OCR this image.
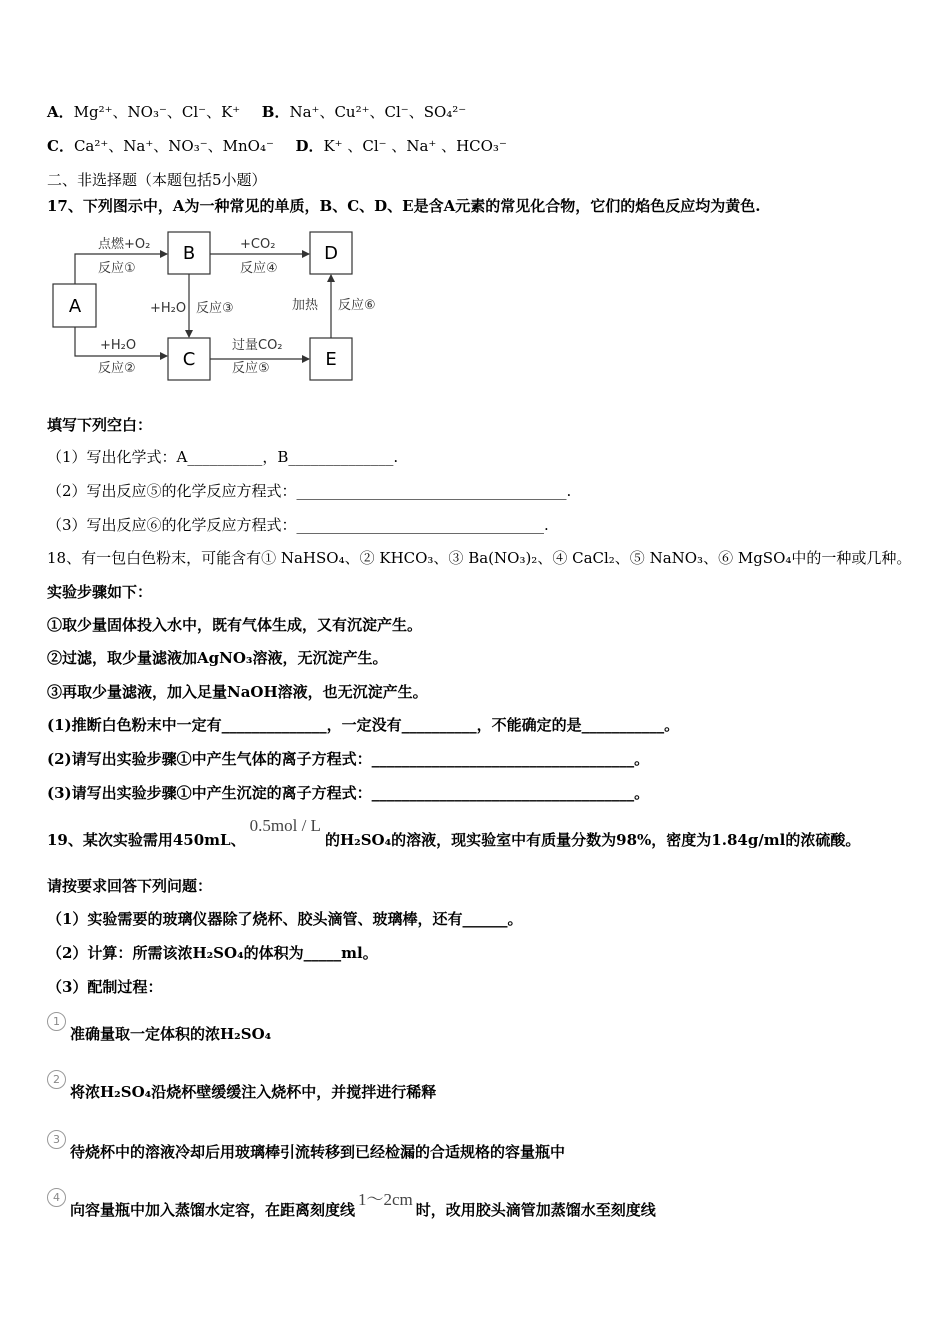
A．Mg²⁺、NO₃⁻、Cl⁻、K⁺ B．Na⁺、Cu²⁺、Cl⁻、SO₄²⁻
C．Ca²⁺、Na⁺、NO₃⁻、MnO₄⁻ D．K⁺ 、Cl⁻ 、Na⁺ 、HCO₃⁻
二、非选择题（本题包括5小题）
17、下列图示中，A为一种常见的单质，B、C、D、E是含A元素的常见化合物，它们的焰色反应均为黄色.
A
B
C
D
E
点燃+O₂
反应①
+CO₂
反应④
+H₂O 反应③	加热 反应⑥
+H₂O
反应②
过量CO₂
反应⑤
填写下列空白：
（1）写出化学式：A__________，B______________.
（2）写出反应⑤的化学反应方程式：____________________________________.
（3）写出反应⑥的化学反应方程式：_________________________________.
18、有一包白色粉末，可能含有① NaHSO₄、② KHCO₃、③ Ba(NO₃)₂、④ CaCl₂、⑤ NaNO₃、⑥ MgSO₄中的一种或几种。
实验步骤如下：
①取少量固体投入水中，既有气体生成，又有沉淀产生。
②过滤，取少量滤液加AgNO₃溶液，无沉淀产生。
③再取少量滤液，加入足量NaOH溶液，也无沉淀产生。
(1)推断白色粉末中一定有______________，一定没有__________，不能确定的是___________。
(2)请写出实验步骤①中产生气体的离子方程式：___________________________________。
(3)请写出实验步骤①中产生沉淀的离子方程式：___________________________________。
19、某次实验需用450mL、0.5mol / L的H₂SO₄的溶液，现实验室中有质量分数为98%，密度为1.84g/ml的浓硫酸。
请按要求回答下列问题：
（1）实验需要的玻璃仪器除了烧杯、胶头滴管、玻璃棒，还有______。
（2）计算：所需该浓H₂SO₄的体积为_____ml。
（3）配制过程：
1
准确量取一定体积的浓H₂SO₄
2
将浓H₂SO₄沿烧杯壁缓缓注入烧杯中，并搅拌进行稀释
3
待烧杯中的溶液冷却后用玻璃棒引流转移到已经检漏的合适规格的容量瓶中
4
向容量瓶中加入蒸馏水定容，在距离刻度线1～2cm时，改用胶头滴管加蒸馏水至刻度线
